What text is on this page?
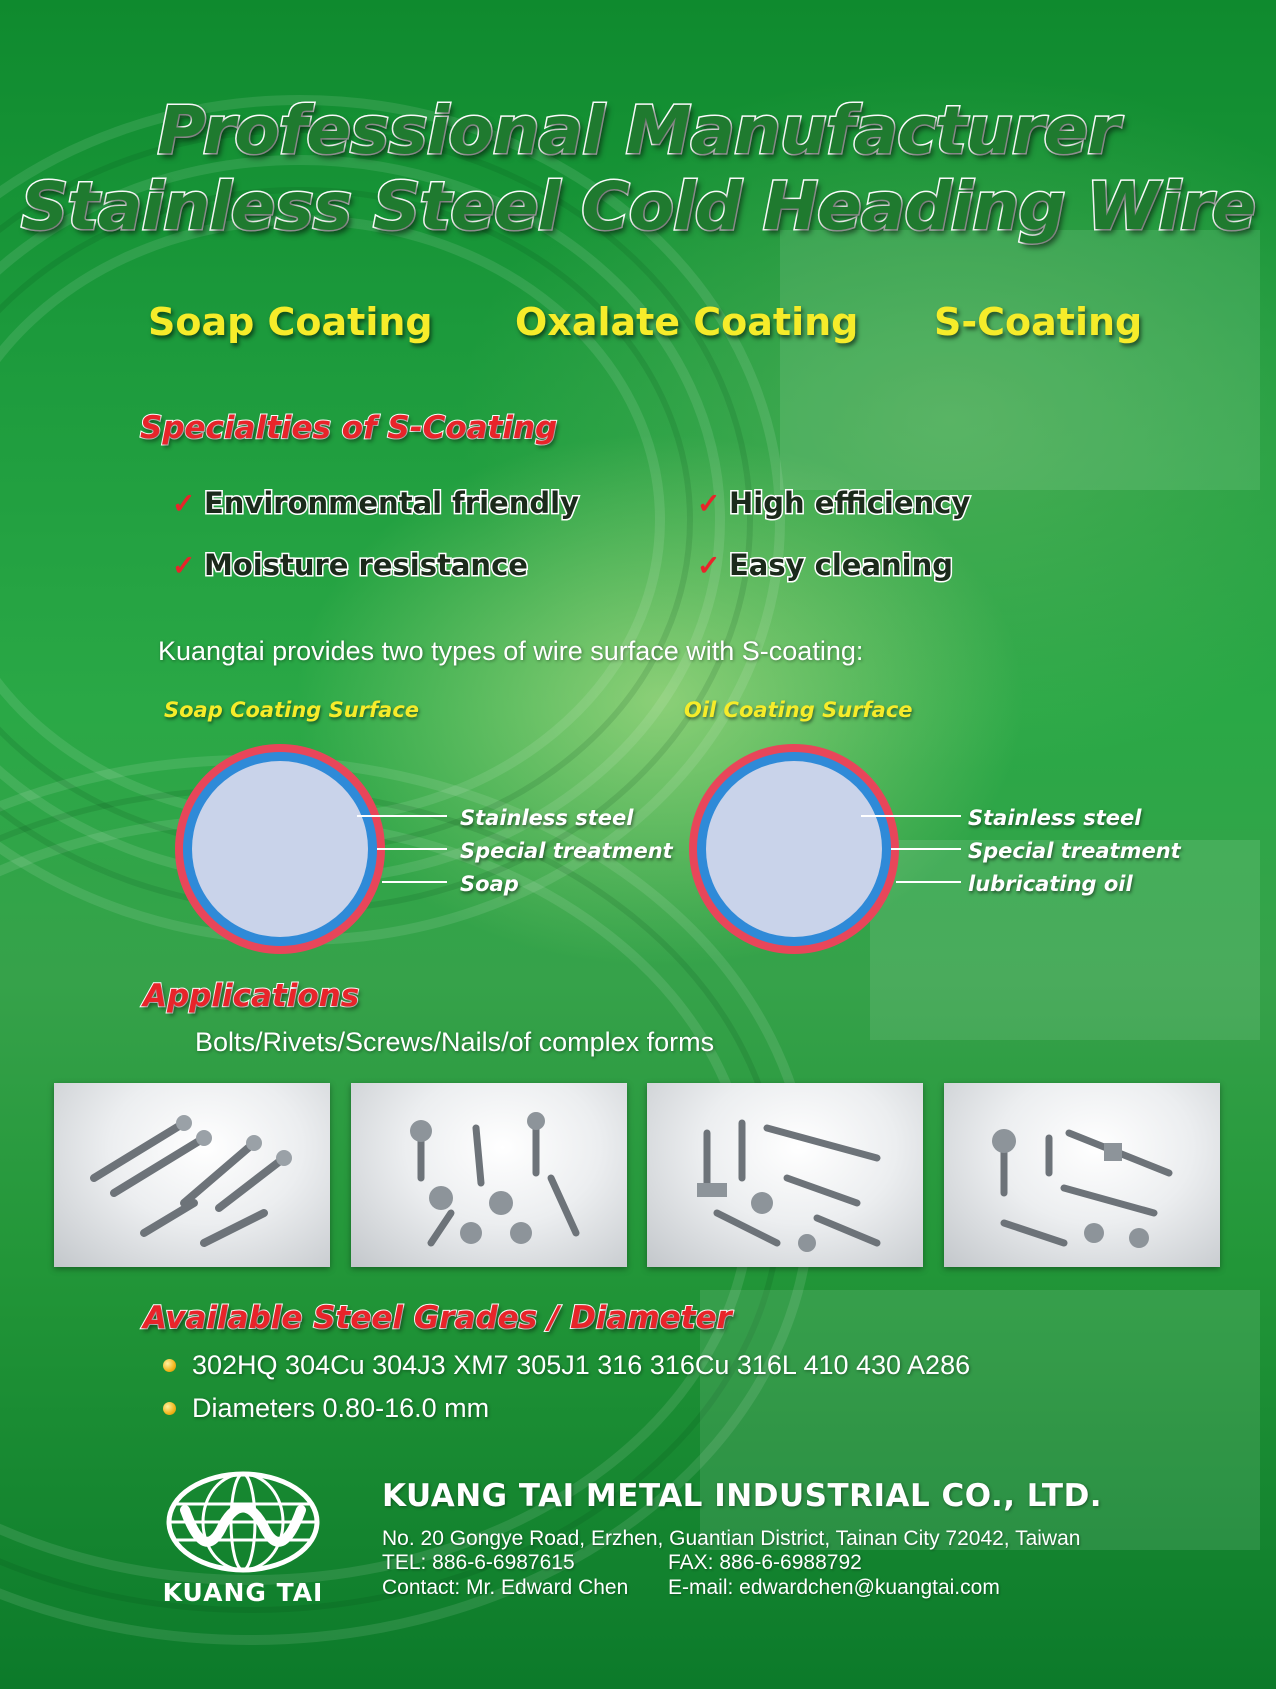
Professional Manufacturer
Stainless Steel Cold Heading Wire
Soap Coating Oxalate Coating S-Coating
Specialties of S-Coating
✓ Environmental friendly	✓ High efficiency
✓ Moisture resistance	✓ Easy cleaning
Kuangtai provides two types of wire surface with S-coating:
Soap Coating Surface	Oil Coating Surface
Stainless steel
Special treatment
Soap
Stainless steel
Special treatment
lubricating oil
Applications
Bolts/Rivets/Screws/Nails/of complex forms
Available Steel Grades / Diameter
302HQ 304Cu 304J3 XM7 305J1 316 316Cu 316L 410 430 A286
Diameters 0.80-16.0 mm
KUANG TAI
KUANG TAI METAL INDUSTRIAL CO., LTD.
No. 20 Gongye Road, Erzhen, Guantian District, Tainan City 72042, Taiwan
TEL: 886-6-6987615	FAX: 886-6-6988792
Contact: Mr. Edward Chen E-mail: edwardchen@kuangtai.com
